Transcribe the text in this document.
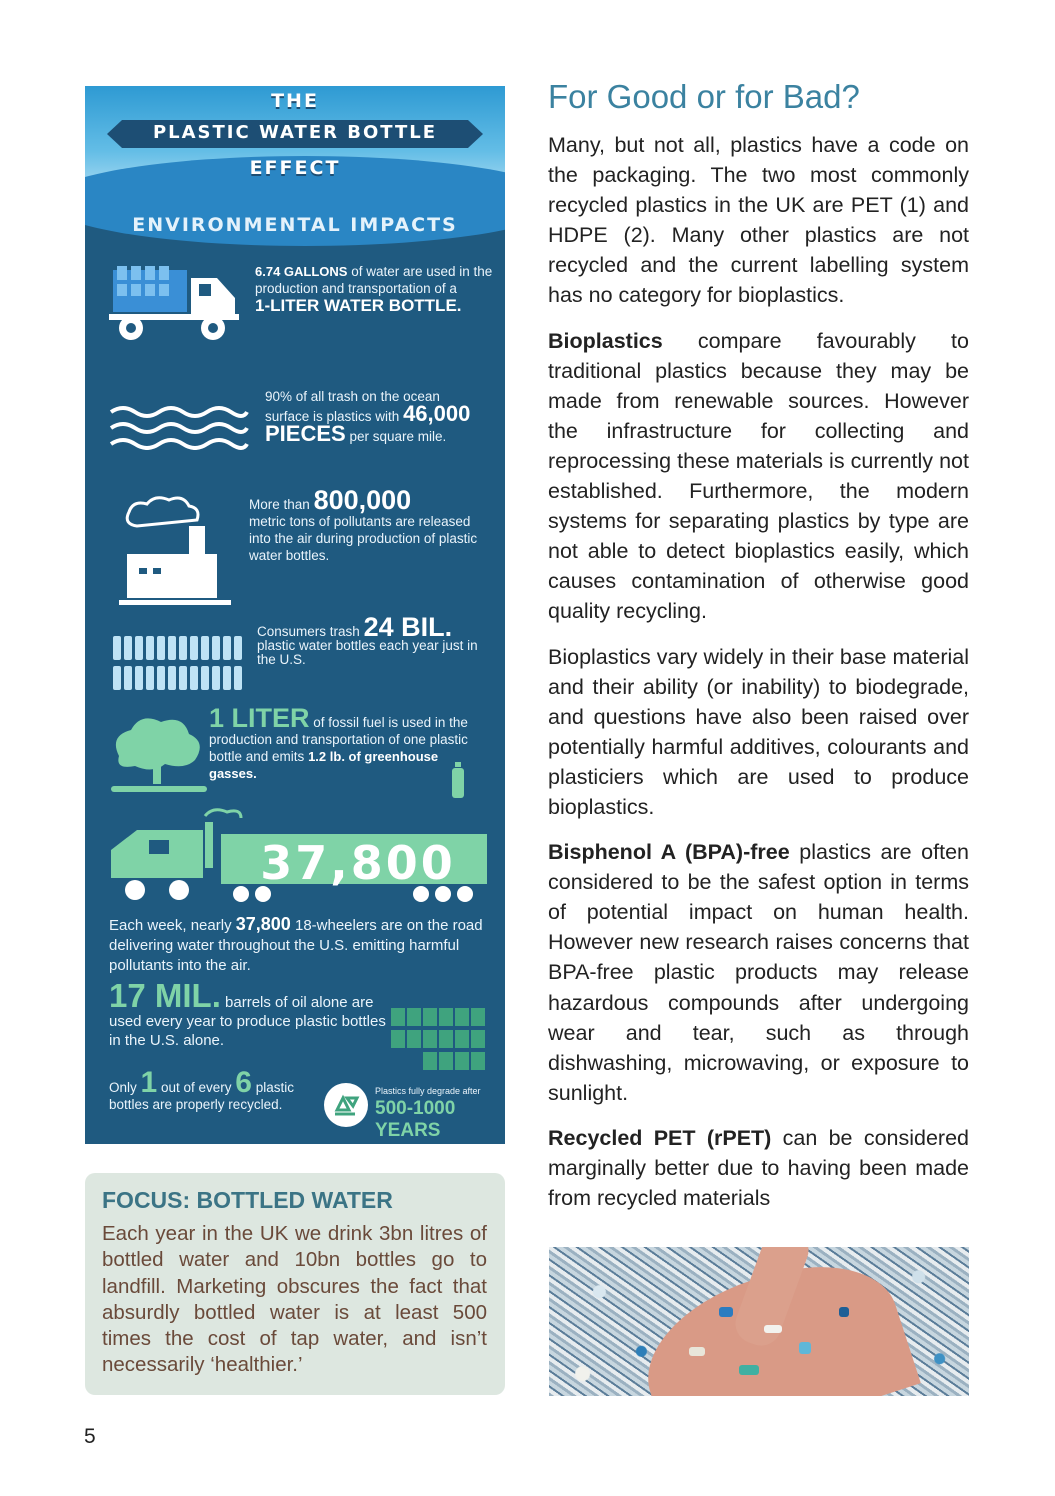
THE
PLASTIC WATER BOTTLE
EFFECT
ENVIRONMENTAL IMPACTS
6.74 GALLONS of water are used in the production and transportation of a
1-LITER WATER BOTTLE.
90% of all trash on the ocean surface is plastics with 46,000 PIECES per square mile.
More than 800,000
metric tons of pollutants are released into the air during production of plastic water bottles.
Consumers trash 24 BIL.
plastic water bottles each year just in the U.S.
1 LITER of fossil fuel is used in the production and transportation of one plastic bottle and emits 1.2 lb. of greenhouse gasses.
37,800
Each week, nearly 37,800 18-wheelers are on the road delivering water throughout the U.S. emitting harmful pollutants into the air.
17 MIL. barrels of oil alone are used every year to produce plastic bottles in the U.S. alone.
Only 1 out of every 6 plastic bottles are properly recycled.
Plastics fully degrade after
500-1000 YEARS
FOCUS: BOTTLED WATER
Each year in the UK we drink 3bn litres of bottled water and 10bn bottles go to landfill. Marketing obscures the fact that absurdly bottled water is at least 500 times the cost of tap water, and isn’t necessarily ‘healthier.’
For Good or for Bad?

Many, but not all, plastics have a code on the packaging. The two most commonly recycled plastics in the UK are PET (1) and HDPE (2). Many other plastics are not recycled and the current labelling system has no category for bioplastics.

Bioplastics compare favourably to traditional plastics because they may be made from renewable sources. However the infrastructure for collecting and reprocessing these materials is currently not established. Furthermore, the modern systems for separating plastics by type are not able to detect bioplastics easily, which causes contamination of otherwise good quality recycling.

Bioplastics vary widely in their base material and their ability (or inability) to biodegrade, and questions have also been raised over potentially harmful additives, colourants and plasticiers which are used to produce bioplastics.

Bisphenol A (BPA)-free plastics are often considered to be the safest option in terms of potential impact on human health. However new research raises concerns that BPA-free plastic products may release hazardous compounds after undergoing wear and tear, such as through dishwashing, microwaving, or exposure to sunlight.

Recycled PET (rPET) can be considered marginally better due to having been made from recycled materials

5
